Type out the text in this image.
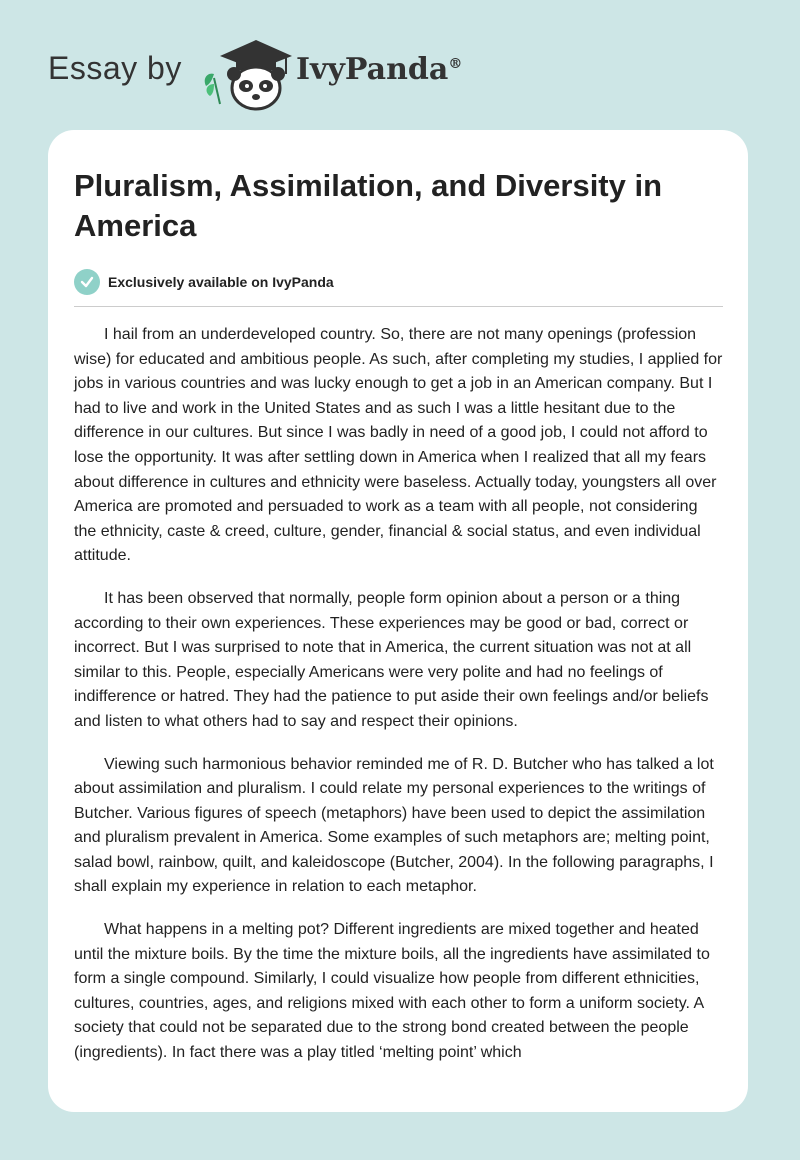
Essay by	IvyPanda®
Pluralism, Assimilation, and Diversity in America
Exclusively available on IvyPanda

I hail from an underdeveloped country. So, there are not many openings (profession wise) for educated and ambitious people. As such, after completing my studies, I applied for jobs in various countries and was lucky enough to get a job in an American company. But I had to live and work in the United States and as such I was a little hesitant due to the difference in our cultures. But since I was badly in need of a good job, I could not afford to lose the opportunity. It was after settling down in America when I realized that all my fears about difference in cultures and ethnicity were baseless. Actually today, youngsters all over America are promoted and persuaded to work as a team with all people, not considering the ethnicity, caste & creed, culture, gender, financial & social status, and even individual attitude.

It has been observed that normally, people form opinion about a person or a thing according to their own experiences. These experiences may be good or bad, correct or incorrect. But I was surprised to note that in America, the current situation was not at all similar to this. People, especially Americans were very polite and had no feelings of indifference or hatred. They had the patience to put aside their own feelings and/or beliefs and listen to what others had to say and respect their opinions.

Viewing such harmonious behavior reminded me of R. D. Butcher who has talked a lot about assimilation and pluralism. I could relate my personal experiences to the writings of Butcher. Various figures of speech (metaphors) have been used to depict the assimilation and pluralism prevalent in America. Some examples of such metaphors are; melting point, salad bowl, rainbow, quilt, and kaleidoscope (Butcher, 2004). In the following paragraphs, I shall explain my experience in relation to each metaphor.

What happens in a melting pot? Different ingredients are mixed together and heated until the mixture boils. By the time the mixture boils, all the ingredients have assimilated to form a single compound. Similarly, I could visualize how people from different ethnicities, cultures, countries, ages, and religions mixed with each other to form a uniform society. A society that could not be separated due to the strong bond created between the people (ingredients). In fact there was a play titled ‘melting point’ which
